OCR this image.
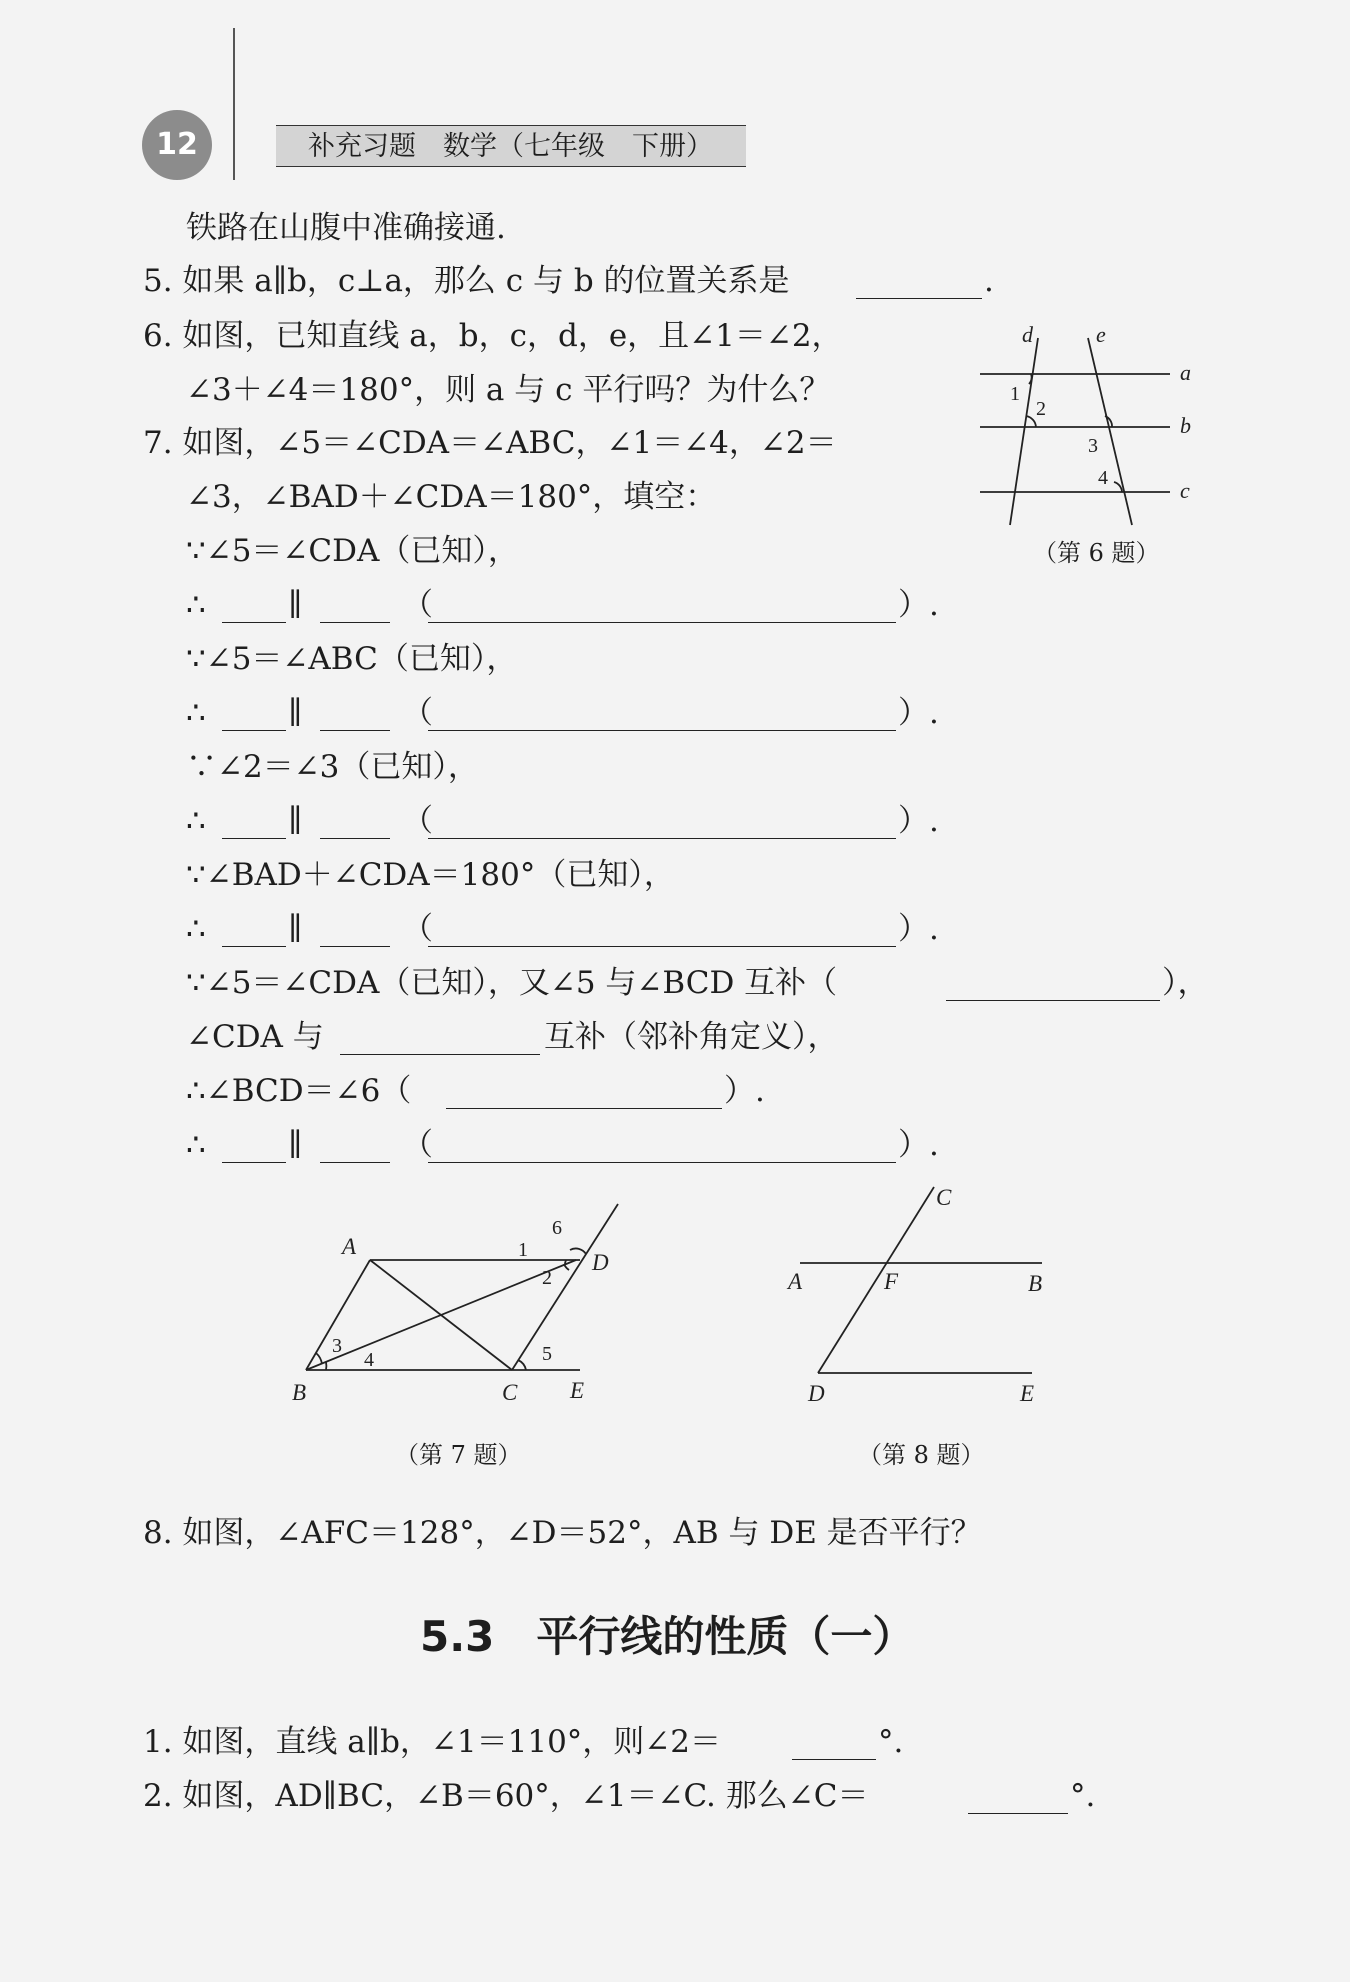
12	补充习题　数学（七年级　下册）
铁路在山腹中准确接通.
5. 如果 a∥b，c⊥a，那么 c 与 b 的位置关系是	.
6. 如图，已知直线 a，b，c，d，e，且∠1＝∠2，
∠3＋∠4＝180°，则 a 与 c 平行吗？为什么？
d	e
a
b
c
1
2
3
4
（第 6 题）
7. 如图，∠5＝∠CDA＝∠ABC，∠1＝∠4，∠2＝
∠3，∠BAD＋∠CDA＝180°，填空：
∵∠5＝∠CDA（已知），
∴	∥	（	）.
∵∠5＝∠ABC（已知），
∴	∥	（	）.
∵∠2＝∠3（已知），
∴	∥	（	）.
∵∠BAD＋∠CDA＝180°（已知），
∴	∥	（	）.
∵∠5＝∠CDA（已知），又∠5 与∠BCD 互补（	），
∠CDA 与	互补（邻补角定义），
∴∠BCD＝∠6（	）.
∴	∥	（	）.
A
B	C
D
E
1
2
3
4	5
6
（第 7 题）
C
A	F	B
D	E
（第 8 题）
8. 如图，∠AFC＝128°，∠D＝52°，AB 与 DE 是否平行？
5.3　平行线的性质（一）
1. 如图，直线 a∥b，∠1＝110°，则∠2＝	°.
2. 如图，AD∥BC，∠B＝60°，∠1＝∠C. 那么∠C＝	°.
